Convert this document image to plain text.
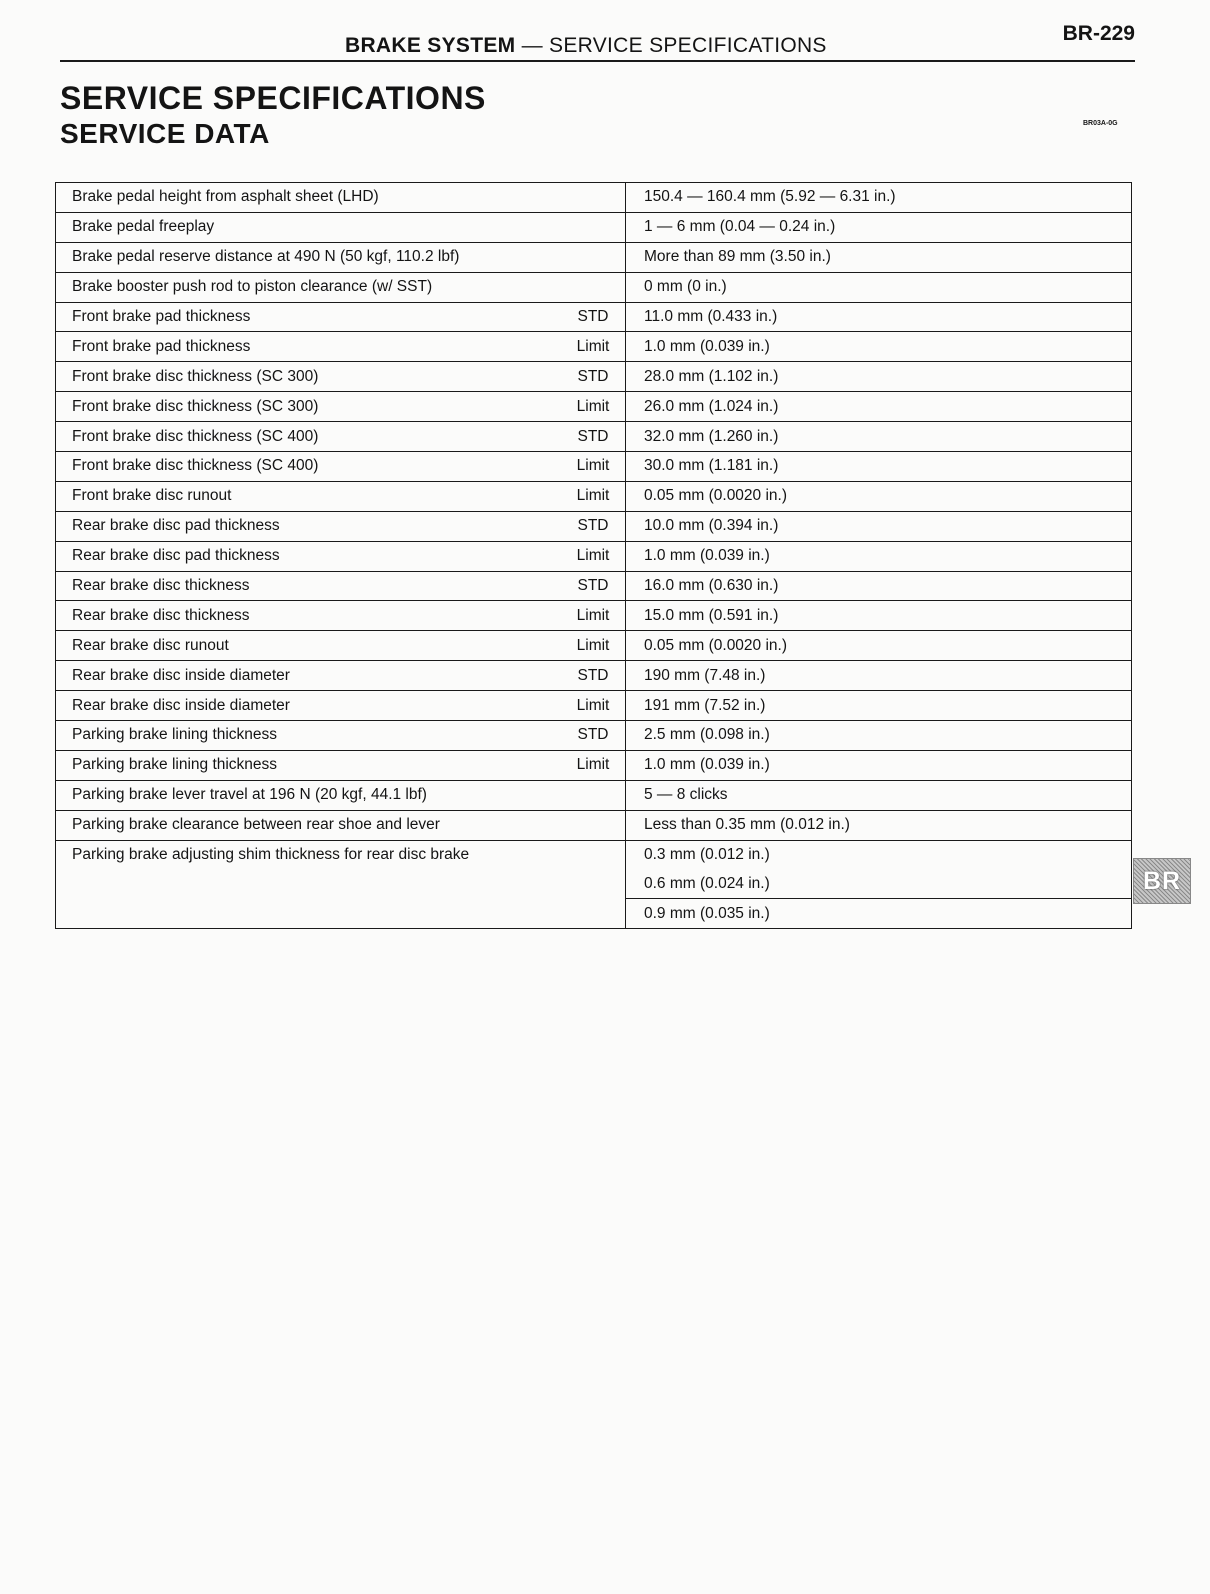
BRAKE SYSTEM — SERVICE SPECIFICATIONS
BR-229
SERVICE SPECIFICATIONS
SERVICE DATA	BR03A-0G
Brake pedal height from asphalt sheet (LHD)		150.4 — 160.4 mm (5.92 — 6.31 in.)
Brake pedal freeplay		1 — 6 mm (0.04 — 0.24 in.)
Brake pedal reserve distance at 490 N (50 kgf, 110.2 lbf)		More than 89 mm (3.50 in.)
Brake booster push rod to piston clearance (w/ SST)		0 mm (0 in.)
Front brake pad thickness	STD	11.0 mm (0.433 in.)
Front brake pad thickness	Limit	1.0 mm (0.039 in.)
Front brake disc thickness (SC 300)	STD	28.0 mm (1.102 in.)
Front brake disc thickness (SC 300)	Limit	26.0 mm (1.024 in.)
Front brake disc thickness (SC 400)	STD	32.0 mm (1.260 in.)
Front brake disc thickness (SC 400)	Limit	30.0 mm (1.181 in.)
Front brake disc runout	Limit	0.05 mm (0.0020 in.)
Rear brake disc pad thickness	STD	10.0 mm (0.394 in.)
Rear brake disc pad thickness	Limit	1.0 mm (0.039 in.)
Rear brake disc thickness	STD	16.0 mm (0.630 in.)
Rear brake disc thickness	Limit	15.0 mm (0.591 in.)
Rear brake disc runout	Limit	0.05 mm (0.0020 in.)
Rear brake disc inside diameter	STD	190 mm (7.48 in.)
Rear brake disc inside diameter	Limit	191 mm (7.52 in.)
Parking brake lining thickness	STD	2.5 mm (0.098 in.)
Parking brake lining thickness	Limit	1.0 mm (0.039 in.)
Parking brake lever travel at 196 N (20 kgf, 44.1 lbf)		5 — 8 clicks
Parking brake clearance between rear shoe and lever		Less than 0.35 mm (0.012 in.)
Parking brake adjusting shim thickness for rear disc brake		0.3 mm (0.012 in.)
		0.6 mm (0.024 in.)
		0.9 mm (0.035 in.)
BR
